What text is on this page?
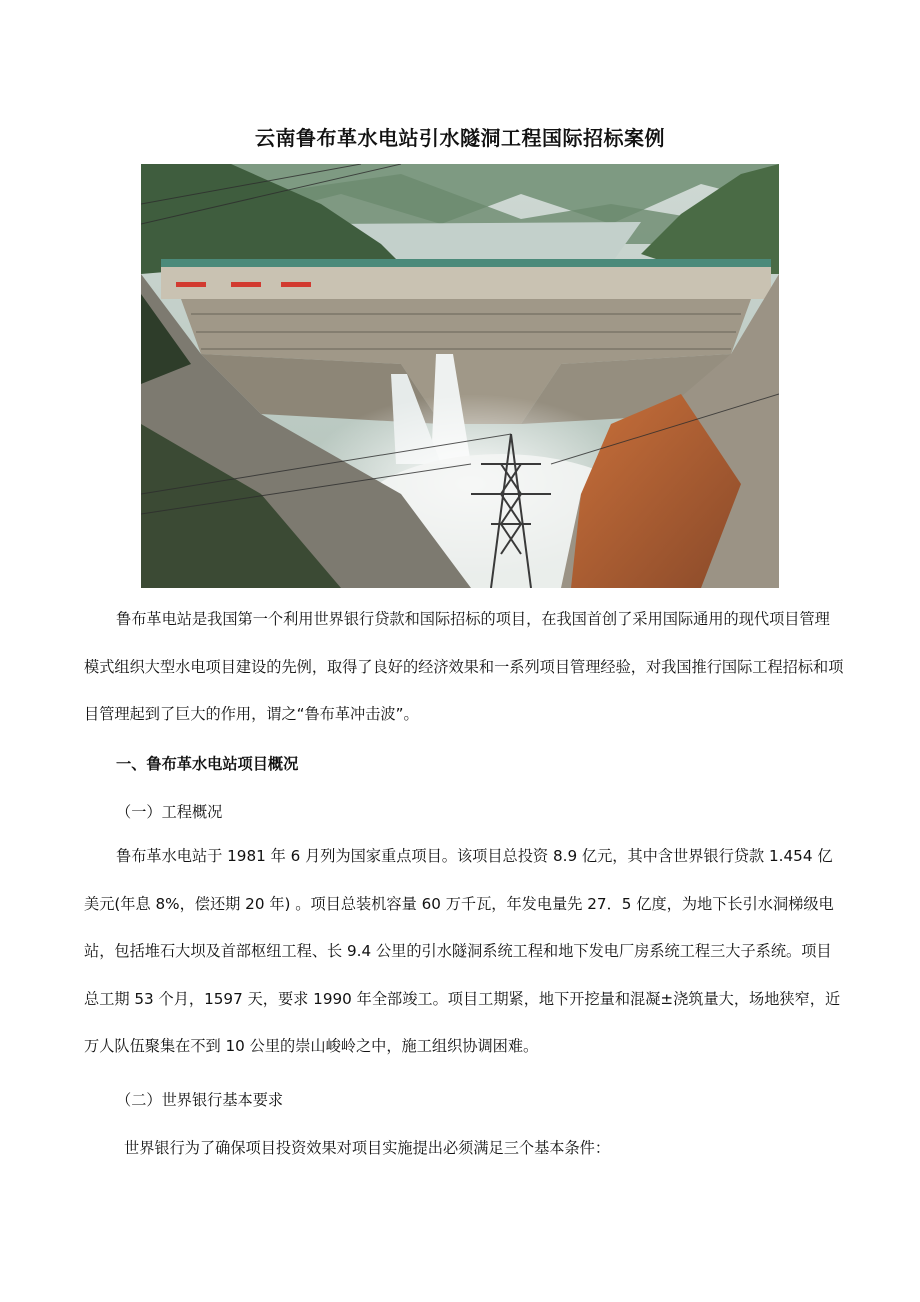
云南鲁布革水电站引水隧洞工程国际招标案例

鲁布革电站是我国第一个利用世界银行贷款和国际招标的项目，在我国首创了采用国际通用的现代项目管理模式组织大型水电项目建设的先例，取得了良好的经济效果和一系列项目管理经验，对我国推行国际工程招标和项目管理起到了巨大的作用，谓之“鲁布革冲击波”。

一、鲁布革水电站项目概况
（一）工程概况

鲁布革水电站于 1981 年 6 月列为国家重点项目。该项目总投资 8.9 亿元，其中含世界银行贷款 1.454 亿美元(年息 8%，偿还期 20 年) 。项目总装机容量 60 万千瓦，年发电量先 27．5 亿度，为地下长引水洞梯级电站，包括堆石大坝及首部枢纽工程、长 9.4 公里的引水隧洞系统工程和地下发电厂房系统工程三大子系统。项目总工期 53 个月，1597 天，要求 1990 年全部竣工。项目工期紧，地下开挖量和混凝±浇筑量大，场地狭窄，近万人队伍聚集在不到 10 公里的崇山峻岭之中，施工组织协调困难。

（二）世界银行基本要求
世界银行为了确保项目投资效果对项目实施提出必须满足三个基本条件：
